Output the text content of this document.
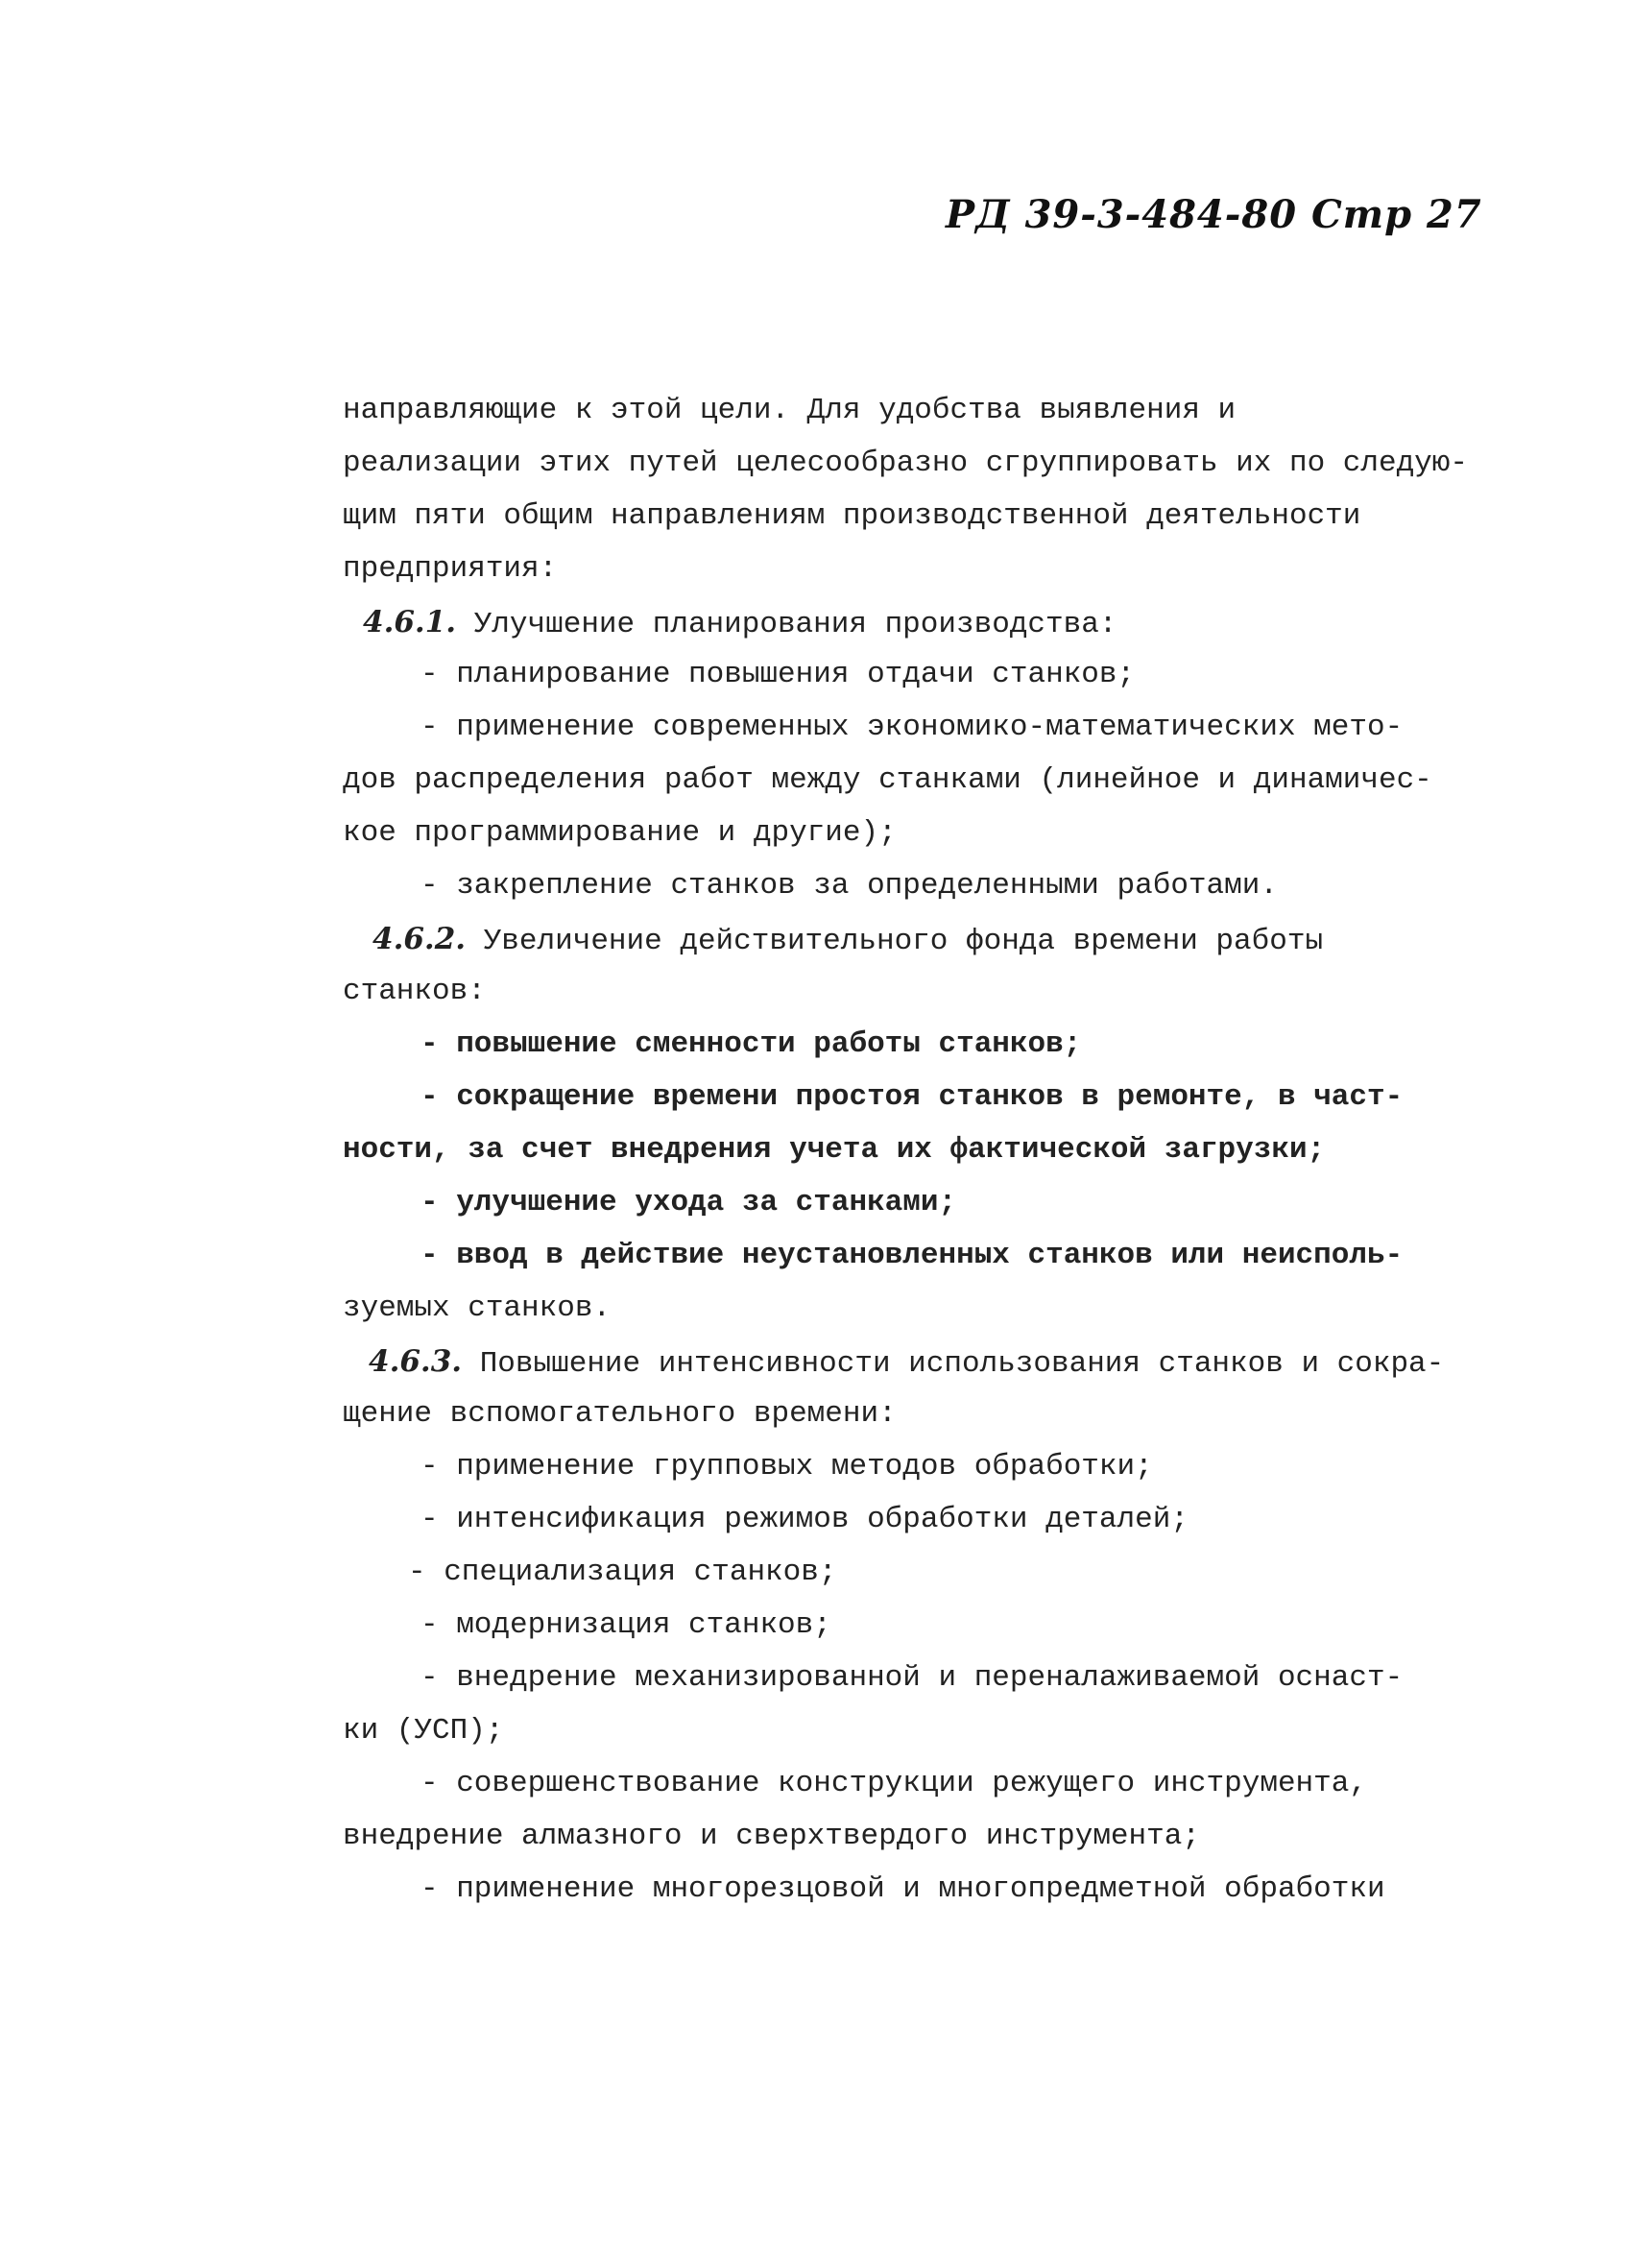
РД 39-3-484-80 Стр 27
направляющие к этой цели. Для удобства выявления и
реализации этих путей целесообразно сгруппировать их по следую-
щим пяти общим направлениям производственной деятельности
предприятия:
4.6.1. Улучшение планирования производства:
- планирование повышения отдачи станков;
- применение современных экономико-математических мето-
дов распределения работ между станками (линейное и динамичес-
кое программирование и другие);
- закрепление станков за определенными работами.
4.6.2. Увеличение действительного фонда времени работы
станков:
- повышение сменности работы станков;
- сокращение времени простоя станков в ремонте, в част-
ности, за счет внедрения учета их фактической загрузки;
- улучшение ухода за станками;
- ввод в действие неустановленных станков или неисполь-
зуемых станков.
4.6.3. Повышение интенсивности использования станков и сокра-
щение вспомогательного времени:
- применение групповых методов обработки;
- интенсификация режимов обработки деталей;
- специализация станков;
- модернизация станков;
- внедрение механизированной и переналаживаемой оснаст-
ки (УСП);
- совершенствование конструкции режущего инструмента,
внедрение алмазного и сверхтвердого инструмента;
- применение многорезцовой и многопредметной обработки
